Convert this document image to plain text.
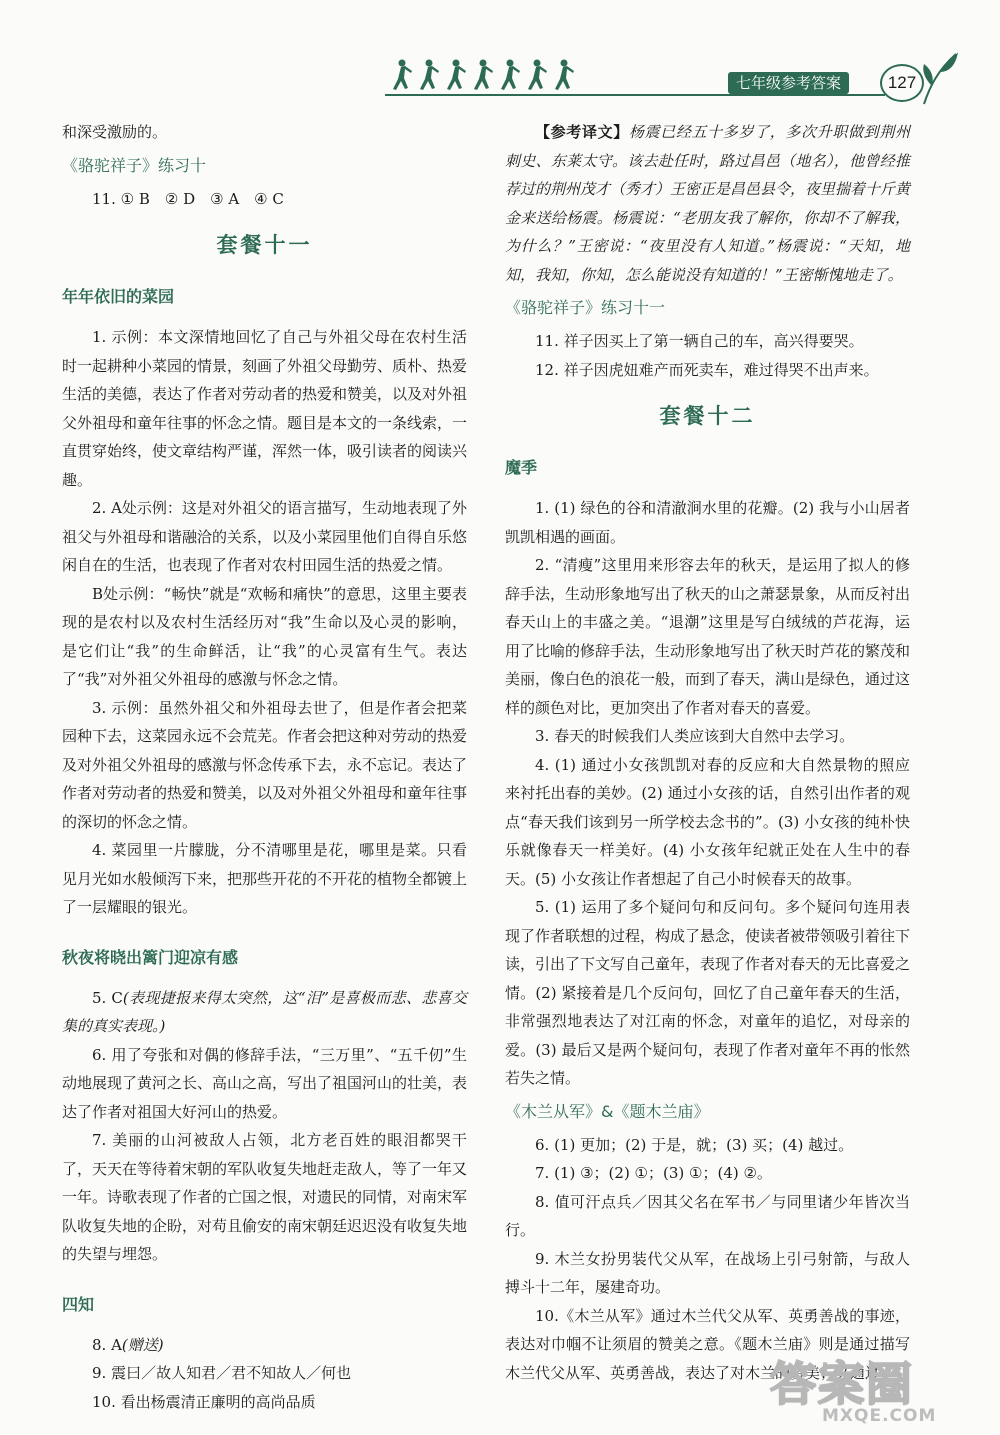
七年级参考答案	127

和深受激励的。

《骆驼祥子》练习十

11. ① B　② D　③ A　④ C

套餐十一
年年依旧的菜园

1. 示例：本文深情地回忆了自己与外祖父母在农村生活时一起耕种小菜园的情景，刻画了外祖父母勤劳、质朴、热爱生活的美德，表达了作者对劳动者的热爱和赞美，以及对外祖父外祖母和童年往事的怀念之情。题目是本文的一条线索，一直贯穿始终，使文章结构严谨，浑然一体，吸引读者的阅读兴趣。

2. A处示例：这是对外祖父的语言描写，生动地表现了外祖父与外祖母和谐融洽的关系，以及小菜园里他们自得自乐悠闲自在的生活，也表现了作者对农村田园生活的热爱之情。

B处示例：“畅快”就是“欢畅和痛快”的意思，这里主要表现的是农村以及农村生活经历对“我”生命以及心灵的影响，是它们让“我”的生命鲜活，让“我”的心灵富有生气。表达了“我”对外祖父外祖母的感激与怀念之情。

3. 示例：虽然外祖父和外祖母去世了，但是作者会把菜园种下去，这菜园永远不会荒芜。作者会把这种对劳动的热爱及对外祖父外祖母的感激与怀念传承下去，永不忘记。表达了作者对劳动者的热爱和赞美，以及对外祖父外祖母和童年往事的深切的怀念之情。

4. 菜园里一片朦胧，分不清哪里是花，哪里是菜。只看见月光如水般倾泻下来，把那些开花的不开花的植物全都镀上了一层耀眼的银光。

秋夜将晓出篱门迎凉有感

5. C(表现捷报来得太突然，这“泪”是喜极而悲、悲喜交集的真实表现。)

6. 用了夸张和对偶的修辞手法，“三万里”、“五千仞”生动地展现了黄河之长、高山之高，写出了祖国河山的壮美，表达了作者对祖国大好河山的热爱。

7. 美丽的山河被敌人占领，北方老百姓的眼泪都哭干了，天天在等待着宋朝的军队收复失地赶走敌人，等了一年又一年。诗歌表现了作者的亡国之恨，对遗民的同情，对南宋军队收复失地的企盼，对苟且偷安的南宋朝廷迟迟没有收复失地的失望与埋怨。

四知

8. A(赠送)

9. 震曰／故人知君／君不知故人／何也

10. 看出杨震清正廉明的高尚品质

【参考译文】杨震已经五十多岁了，多次升职做到荆州刺史、东莱太守。该去赴任时，路过昌邑（地名），他曾经推荐过的荆州茂才（秀才）王密正是昌邑县令，夜里揣着十斤黄金来送给杨震。杨震说：“老朋友我了解你，你却不了解我，为什么？”王密说：“夜里没有人知道。”杨震说：“天知，地知，我知，你知，怎么能说没有知道的！”王密惭愧地走了。

《骆驼祥子》练习十一

11. 祥子因买上了第一辆自己的车，高兴得要哭。

12. 祥子因虎妞难产而死卖车，难过得哭不出声来。

套餐十二
魔季

1. (1) 绿色的谷和清澈涧水里的花瓣。(2) 我与小山居者凯凯相遇的画面。

2. “清瘦”这里用来形容去年的秋天，是运用了拟人的修辞手法，生动形象地写出了秋天的山之萧瑟景象，从而反衬出春天山上的丰盛之美。“退潮”这里是写白绒绒的芦花海，运用了比喻的修辞手法，生动形象地写出了秋天时芦花的繁茂和美丽，像白色的浪花一般，而到了春天，满山是绿色，通过这样的颜色对比，更加突出了作者对春天的喜爱。

3. 春天的时候我们人类应该到大自然中去学习。

4. (1) 通过小女孩凯凯对春的反应和大自然景物的照应来衬托出春的美妙。(2) 通过小女孩的话，自然引出作者的观点“春天我们该到另一所学校去念书的”。(3) 小女孩的纯朴快乐就像春天一样美好。(4) 小女孩年纪就正处在人生中的春天。(5) 小女孩让作者想起了自己小时候春天的故事。

5. (1) 运用了多个疑问句和反问句。多个疑问句连用表现了作者联想的过程，构成了悬念，使读者被带领吸引着往下读，引出了下文写自己童年，表现了作者对春天的无比喜爱之情。(2) 紧接着是几个反问句，回忆了自己童年春天的生活，非常强烈地表达了对江南的怀念，对童年的追忆，对母亲的爱。(3) 最后又是两个疑问句，表现了作者对童年不再的怅然若失之情。

《木兰从军》&《题木兰庙》

6. (1) 更加；(2) 于是，就；(3) 买；(4) 越过。

7. (1) ③；(2) ①；(3) ①；(4) ②。

8. 值可汗点兵／因其父名在军书／与同里诸少年皆次当行。

9. 木兰女扮男装代父从军，在战场上引弓射箭，与敌人搏斗十二年，屡建奇功。

10.《木兰从军》通过木兰代父从军、英勇善战的事迹，表达对巾帼不让须眉的赞美之意。《题木兰庙》则是通过描写木兰代父从军、英勇善战，表达了对木兰的赞美；又通过

答案圈
MXQE.COM
